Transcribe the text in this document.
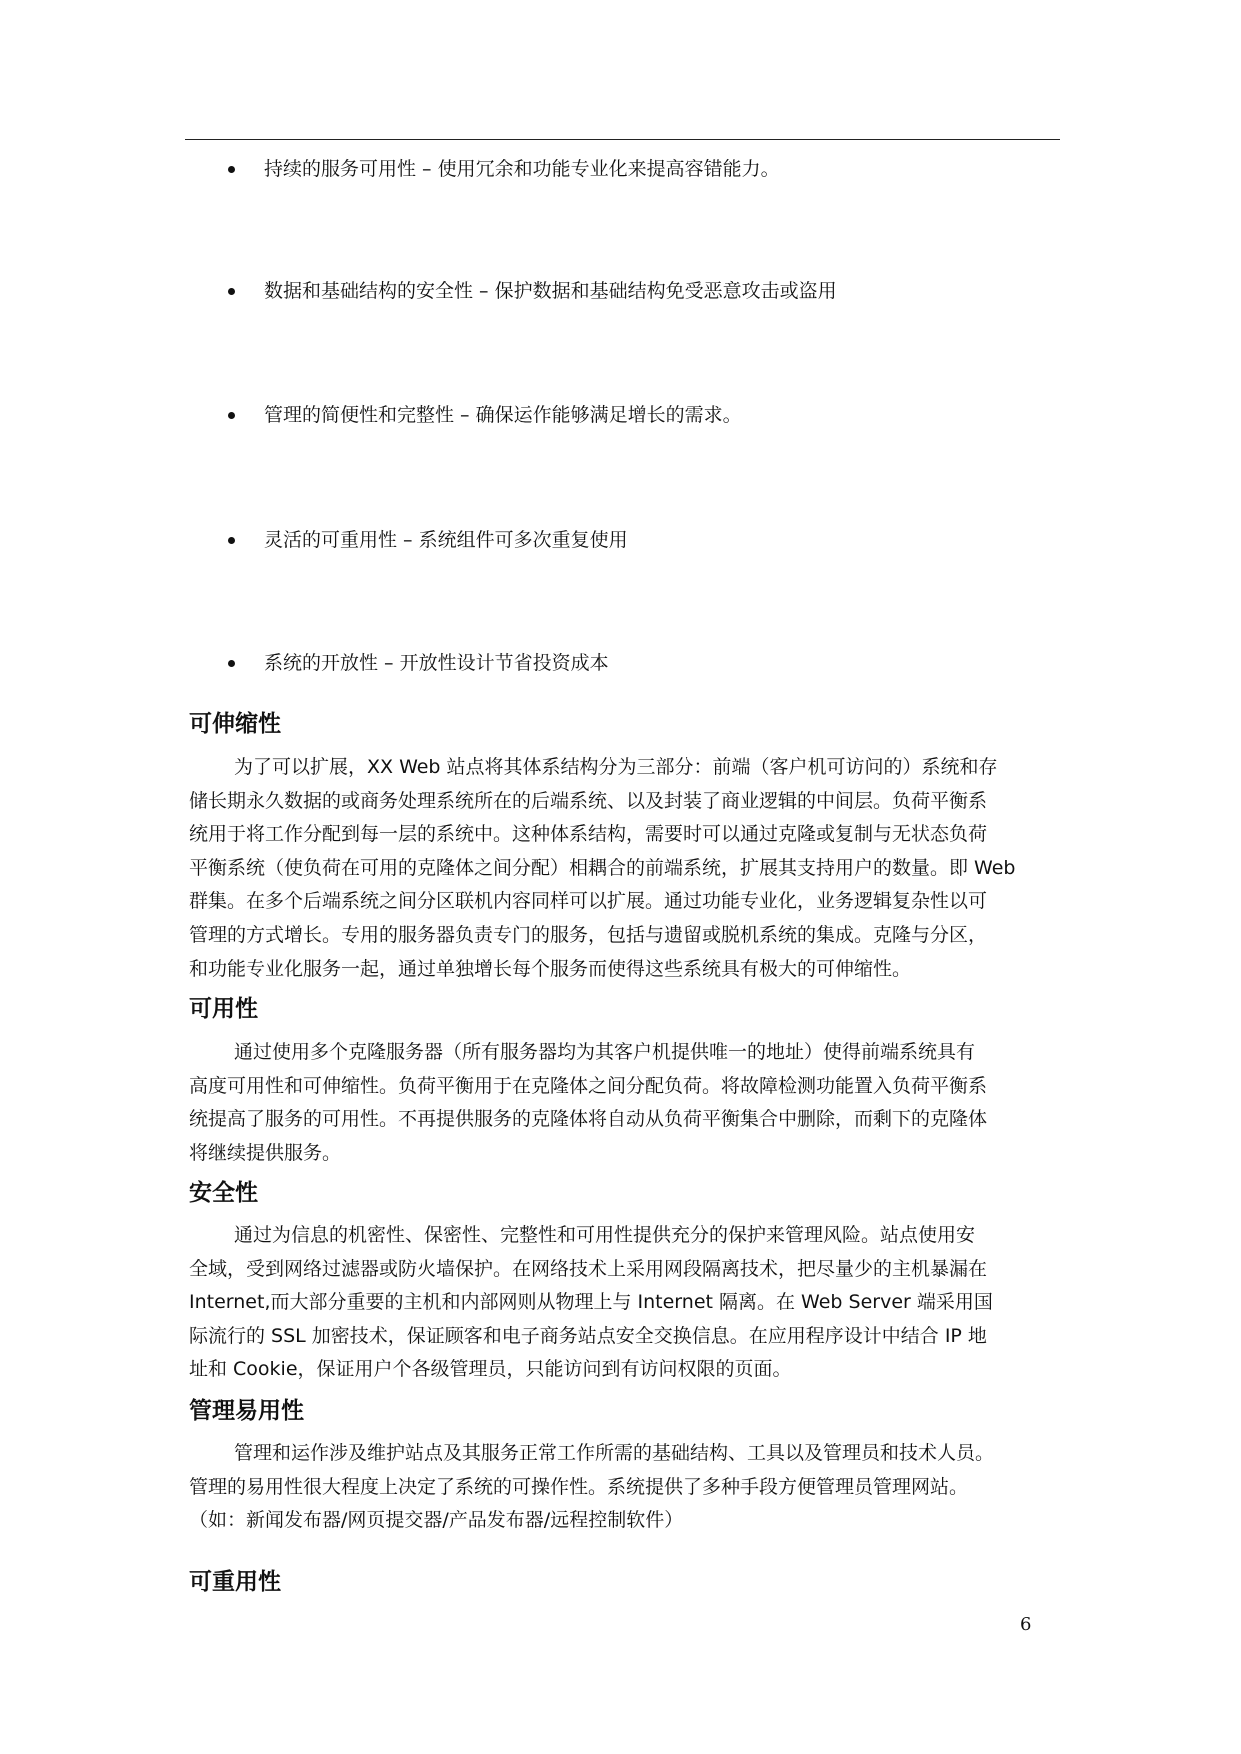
持续的服务可用性 – 使用冗余和功能专业化来提高容错能力。
数据和基础结构的安全性 – 保护数据和基础结构免受恶意攻击或盗用
管理的简便性和完整性 – 确保运作能够满足增长的需求。
灵活的可重用性 – 系统组件可多次重复使用
系统的开放性 – 开放性设计节省投资成本
可伸缩性
为了可以扩展，XX Web 站点将其体系结构分为三部分：前端（客户机可访问的）系统和存
储长期永久数据的或商务处理系统所在的后端系统、以及封装了商业逻辑的中间层。负荷平衡系
统用于将工作分配到每一层的系统中。这种体系结构，需要时可以通过克隆或复制与无状态负荷
平衡系统（使负荷在可用的克隆体之间分配）相耦合的前端系统，扩展其支持用户的数量。即 Web
群集。在多个后端系统之间分区联机内容同样可以扩展。通过功能专业化，业务逻辑复杂性以可
管理的方式增长。专用的服务器负责专门的服务，包括与遗留或脱机系统的集成。克隆与分区，
和功能专业化服务一起，通过单独增长每个服务而使得这些系统具有极大的可伸缩性。
可用性
通过使用多个克隆服务器（所有服务器均为其客户机提供唯一的地址）使得前端系统具有
高度可用性和可伸缩性。负荷平衡用于在克隆体之间分配负荷。将故障检测功能置入负荷平衡系
统提高了服务的可用性。不再提供服务的克隆体将自动从负荷平衡集合中删除，而剩下的克隆体
将继续提供服务。
安全性
通过为信息的机密性、保密性、完整性和可用性提供充分的保护来管理风险。站点使用安
全域，受到网络过滤器或防火墙保护。在网络技术上采用网段隔离技术，把尽量少的主机暴漏在
Internet,而大部分重要的主机和内部网则从物理上与 Internet 隔离。在 Web Server 端采用国
际流行的 SSL 加密技术，保证顾客和电子商务站点安全交换信息。在应用程序设计中结合 IP 地
址和 Cookie，保证用户个各级管理员，只能访问到有访问权限的页面。
管理易用性
管理和运作涉及维护站点及其服务正常工作所需的基础结构、工具以及管理员和技术人员。
管理的易用性很大程度上决定了系统的可操作性。系统提供了多种手段方便管理员管理网站。
（如：新闻发布器/网页提交器/产品发布器/远程控制软件）
可重用性
6
